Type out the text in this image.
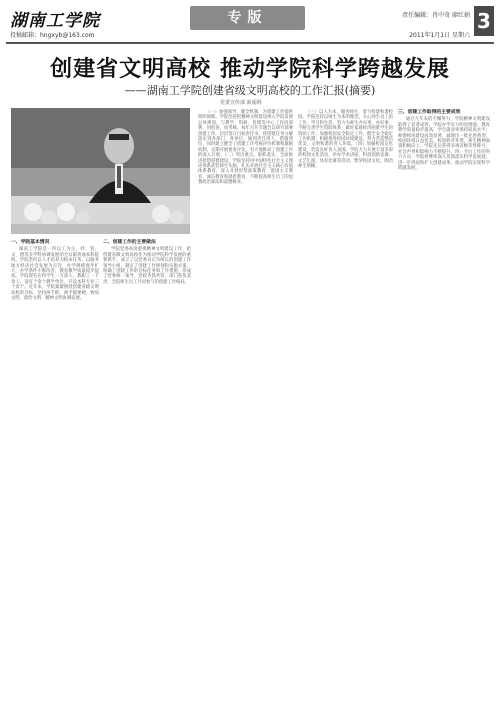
湖南工学院
投稿邮箱：hngxyb@163.com
专版	责任编辑：肖中奇 廖红娟
2011年1月1日 星期六
3
创建省文明高校 推动学院科学跨越发展
——湖南工学院创建省级文明高校的工作汇报(摘要)
党委宣传部 新闻网
一、学院基本情况

湖南工学院是一所以工为主，经、管、文、理等多学科协调发展的全日制普通本科院校。学院坚持以人才培养为根本任务，以服务地方经济社会发展为宗旨，办学规模逐步扩大，办学条件不断改善，教育教学质量稳步提高。学院现有在校学生一万余人，教职工一千余人，设有十余个教学单位，开设本科专业三十余个。近年来，学院紧紧围绕创建省级文明高校的目标，坚持两手抓、两手都要硬，物质文明、政治文明、精神文明协调发展。

二、创建工作的主要做法

学院党委高度重视精神文明建设工作，把创建省级文明高校作为推动学院科学发展的重要抓手，成立了以党委书记为组长的创建工作领导小组，制定了创建工作规划和实施方案，明确了创建工作的目标任务和工作措施，形成了党委统一领导、党政齐抓共管、部门各负其责、全院师生员工共同参与的创建工作格局。

（一）加强领导，健全机制，为创建工作提供组织保障。学院坚持把精神文明建设纳入学院发展总体规划，与教学、科研、管理等中心工作同部署、同检查、同考核。每年召开专题会议研究部署创建工作，层层签订目标责任书，将创建任务分解落实到各部门、各单位，做到责任到人、措施到位。同时建立健全了创建工作考核评价机制和激励机制，定期开展督查评比，有力地推动了创建工作的深入开展。（二）突出重点，狠抓落实，全面推进思想道德建设。学院坚持用中国特色社会主义理论体系武装师生头脑，扎实开展社会主义核心价值体系教育，深入开展形势政策教育、爱国主义教育、诚信教育和感恩教育，不断提高师生员工的思想政治素质和道德修养。

（三）以人为本，服务师生，着力构建和谐校园。学院坚持以师生为本的理念，关心师生员工的工作、学习和生活，努力为师生办实事、办好事。不断完善学生资助体系，做好家庭经济困难学生的资助工作；加强校园安全稳定工作，健全安全稳定工作机制；积极推进校园环境建设，努力营造整洁优美、文明和谐的育人环境。（四）加强校园文化建设，营造良好育人氛围。学院大力开展丰富多彩的校园文化活动，举办学术讲座、科技创新竞赛、文艺汇演、体育比赛等活动，繁荣校园文化，陶冶师生情操。

三、创建工作取得的主要成效

通过几年来的不懈努力，学院精神文明建设取得了显著成效。学院办学实力明显增强，教育教学质量稳步提高，学生就业率保持较高水平；师德师风建设成效显著，涌现出一批先进典型；校园环境日益优美，校园秩序井然，师生精神面貌积极向上。学院先后获得多项省级荣誉称号，社会声誉和影响力不断提升。四、今后工作的努力方向：学院将继续深入贯彻落实科学发展观，进一步巩固和扩大创建成果，推动学院实现科学跨越发展。
